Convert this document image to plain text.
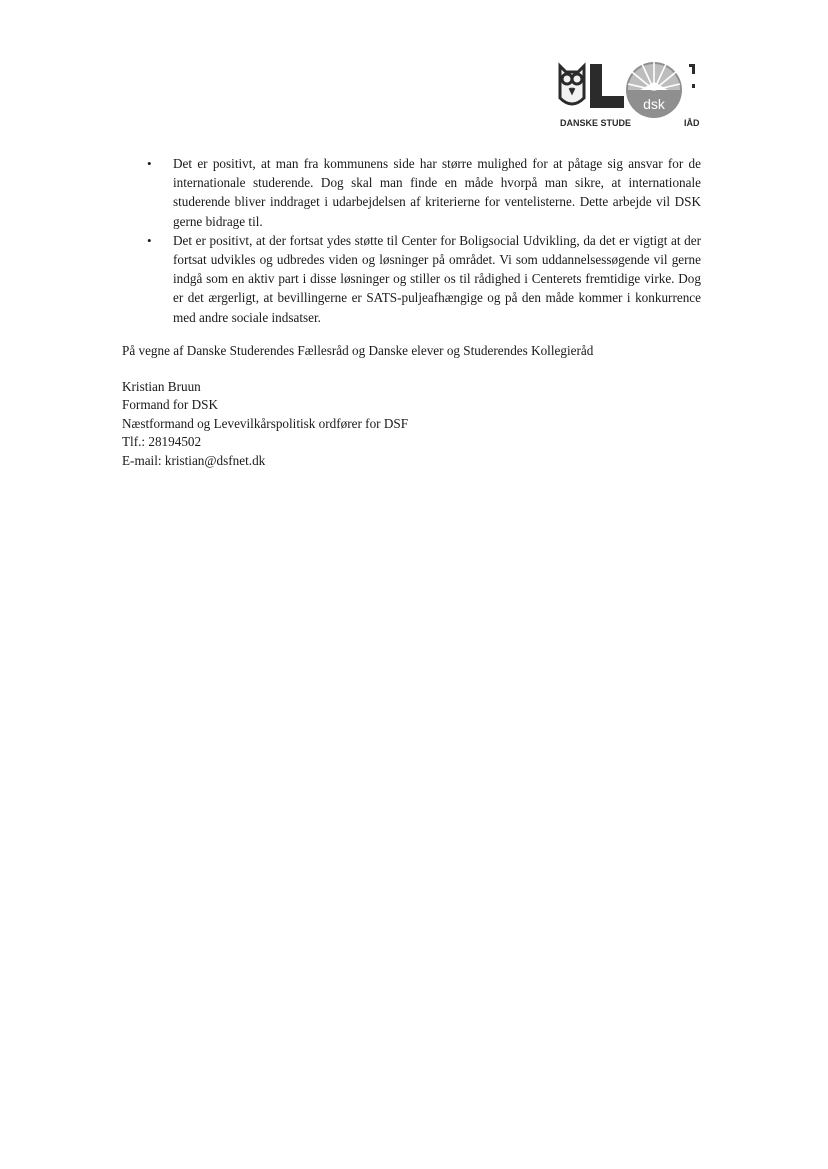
dsk
DANSKE STUDE	IÅD
• Det er positivt, at man fra kommunens side har større mulighed for at påtage sig ansvar for de internationale studerende. Dog skal man finde en måde hvorpå man sikre, at internationale studerende bliver inddraget i udarbejdelsen af kriterierne for ventelisterne. Dette arbejde vil DSK gerne bidrage til.
• Det er positivt, at der fortsat ydes støtte til Center for Boligsocial Udvikling, da det er vigtigt at der fortsat udvikles og udbredes viden og løsninger på området. Vi som uddannelsessøgende vil gerne indgå som en aktiv part i disse løsninger og stiller os til rådighed i Centerets fremtidige virke. Dog er det ærgerligt, at bevillingerne er SATS-puljeafhængige og på den måde kommer i konkurrence med andre sociale indsatser.

På vegne af Danske Studerendes Fællesråd og Danske elever og Studerendes Kollegieråd

Kristian Bruun
Formand for DSK
Næstformand og Levevilkårspolitisk ordfører for DSF
Tlf.: 28194502
E-mail: kristian@dsfnet.dk
